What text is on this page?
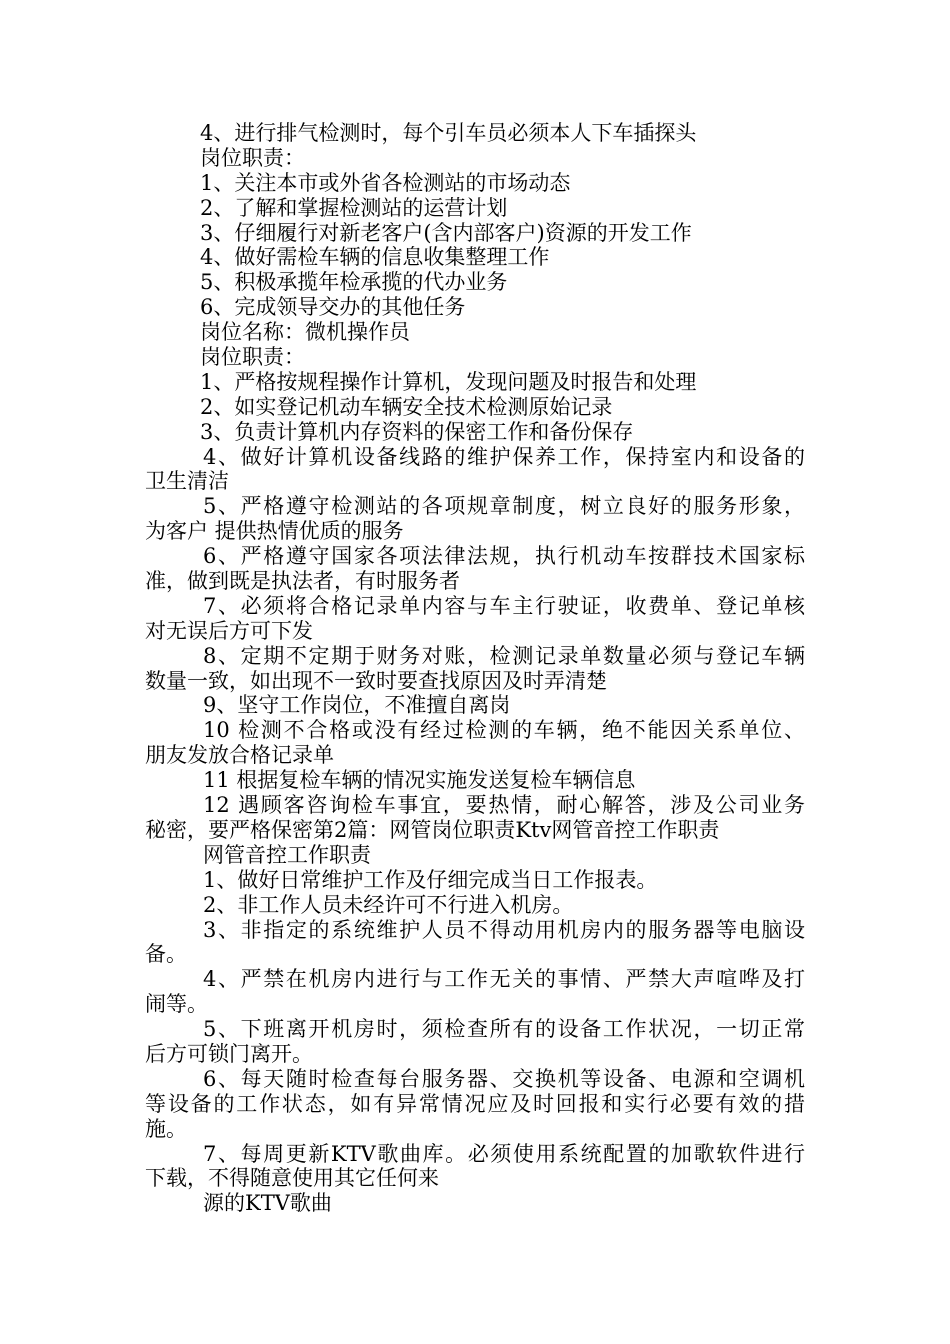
4、进行排气检测时，每个引车员必须本人下车插探头
岗位职责：
1、关注本市或外省各检测站的市场动态
2、了解和掌握检测站的运营计划
3、仔细履行对新老客户(含内部客户)资源的开发工作
4、做好需检车辆的信息收集整理工作
5、积极承揽年检承揽的代办业务
6、完成领导交办的其他任务
岗位名称：微机操作员
岗位职责：
1、严格按规程操作计算机，发现问题及时报告和处理
2、如实登记机动车辆安全技术检测原始记录
3、负责计算机内存资料的保密工作和备份保存
4、做好计算机设备线路的维护保养工作，保持室内和设备的
卫生清洁
5、严格遵守检测站的各项规章制度，树立良好的服务形象，
为客户 提供热情优质的服务
6、严格遵守国家各项法律法规，执行机动车按群技术国家标
准，做到既是执法者，有时服务者
7、必须将合格记录单内容与车主行驶证，收费单、登记单核
对无误后方可下发
8、定期不定期于财务对账，检测记录单数量必须与登记车辆
数量一致，如出现不一致时要查找原因及时弄清楚
9、坚守工作岗位，不准擅自离岗
10 检测不合格或没有经过检测的车辆，绝不能因关系单位、
朋友发放合格记录单
11 根据复检车辆的情况实施发送复检车辆信息
12 遇顾客咨询检车事宜，要热情，耐心解答，涉及公司业务
秘密，要严格保密第2篇：网管岗位职责Ktv网管音控工作职责
网管音控工作职责
1、做好日常维护工作及仔细完成当日工作报表。
2、非工作人员未经许可不行进入机房。
3、非指定的系统维护人员不得动用机房内的服务器等电脑设
备。
4、严禁在机房内进行与工作无关的事情、严禁大声喧哗及打
闹等。
5、下班离开机房时，须检查所有的设备工作状况，一切正常
后方可锁门离开。
6、每天随时检查每台服务器、交换机等设备、电源和空调机
等设备的工作状态，如有异常情况应及时回报和实行必要有效的措
施。
7、每周更新KTV歌曲库。必须使用系统配置的加歌软件进行
下载，不得随意使用其它任何来
源的KTV歌曲
